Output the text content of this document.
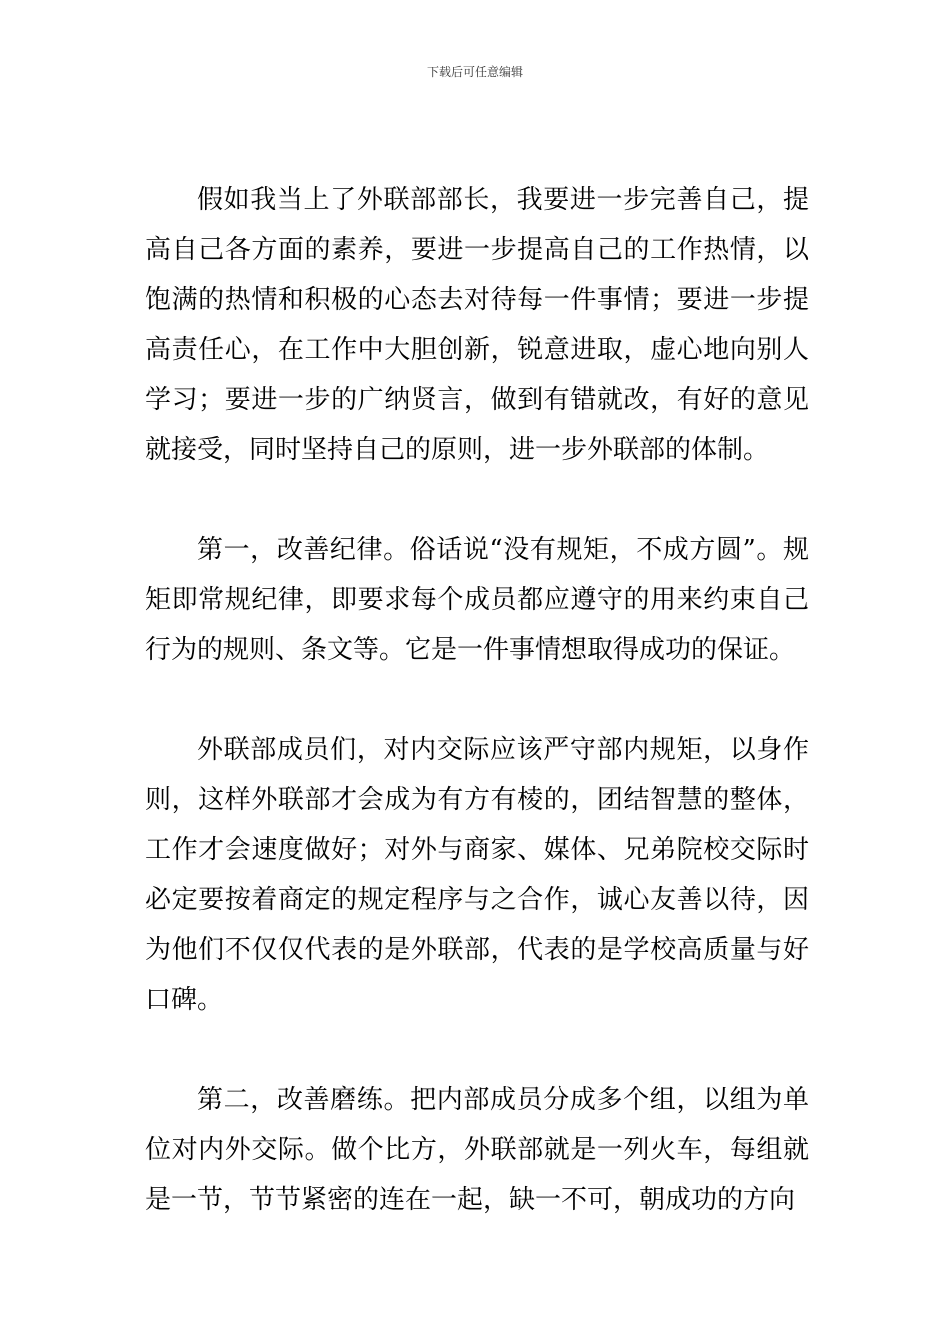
下载后可任意编辑

假如我当上了外联部部长，我要进一步完善自己，提高自己各方面的素养，要进一步提高自己的工作热情，以饱满的热情和积极的心态去对待每一件事情；要进一步提高责任心，在工作中大胆创新，锐意进取，虚心地向别人学习；要进一步的广纳贤言，做到有错就改，有好的意见就接受，同时坚持自己的原则，进一步外联部的体制。

第一，改善纪律。俗话说“没有规矩，不成方圆”。规矩即常规纪律，即要求每个成员都应遵守的用来约束自己行为的规则、条文等。它是一件事情想取得成功的保证。

外联部成员们，对内交际应该严守部内规矩，以身作则，这样外联部才会成为有方有棱的，团结智慧的整体，工作才会速度做好；对外与商家、媒体、兄弟院校交际时必定要按着商定的规定程序与之合作，诚心友善以待，因为他们不仅仅代表的是外联部，代表的是学校高质量与好口碑。

第二，改善磨练。把内部成员分成多个组，以组为单位对内外交际。做个比方，外联部就是一列火车，每组就是一节，节节紧密的连在一起，缺一不可，朝成功的方向
